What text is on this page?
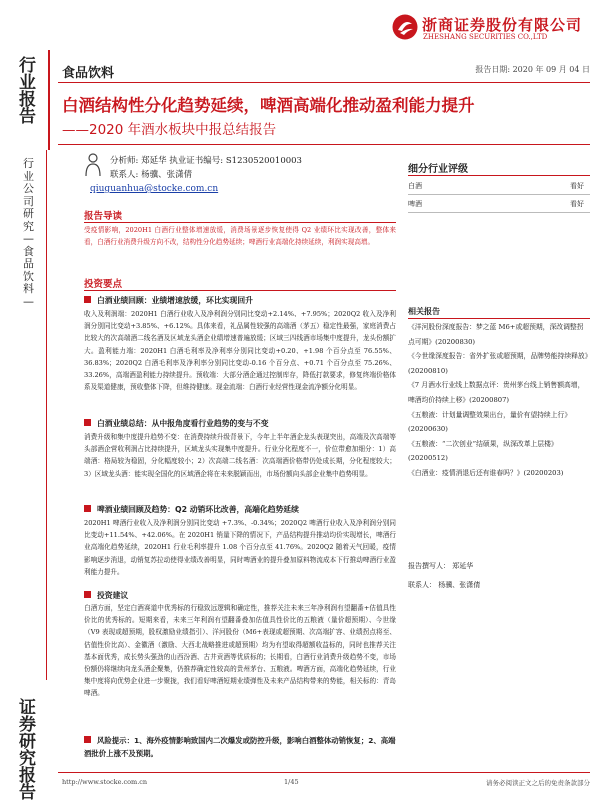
行业报告
行业公司研究—食品饮料—
证券研究报告
浙商证券股份有限公司
ZHESHANG SECURITIES CO.,LTD
食品饮料	报告日期: 2020 年 09 月 04 日
白酒结构性分化趋势延续，啤酒高端化推动盈利能力提升
——2020 年酒水板块中报总结报告
分析师: 郑延华 执业证书编号: S1230520010003
联系人: 杨骥、张潇倩
qiuguanhua@stocke.com.cn
报告导读
受疫情影响，2020H1 白酒行业整体增速放缓，消费场景逐步恢复使得 Q2 业绩环比实现改善，整体来看，白酒行业消费升级方向不改，结构性分化趋势延续；啤酒行业高端化持续延续，利润实现高增。
投资要点
白酒业绩回顾：业绩增速放缓，环比实现回升
收入及利润端：2020H1 白酒行业收入及净利润分别同比变动+2.14%、+7.95%；2020Q2 收入及净利润分别同比变动+3.85%、+6.12%。具体来看，礼品属性较强的高端酒（茅五）稳定性最强，家庭消费占比较大的次高端酒二线名酒及区域龙头酒企业绩增速普遍放缓；区域三四线酒市场集中度提升，龙头份额扩大。盈利能力端：2020H1 白酒毛利率及净利率分别同比变动+0.20、+1.98 个百分点至 76.55%、36.83%；2020Q2 白酒毛利率及净利率分别同比变动-0.16 个百分点、+0.71 个百分点至 75.26%、33.26%，高端酒盈利能力持续提升。预收端：大部分酒企通过控制库存，降低打款要求，修复终端价格体系及渠道健康，预收整体下降，但维持健康。现金流端：白酒行业经营性现金流净额分化明显。
白酒业绩总结：从中报角度看行业趋势的变与不变
消费升级和集中度提升趋势不变：在消费持续升级背景下，今年上半年酒企龙头表现突出，高端及次高端等头部酒企营收利润占比持续提升，区域龙头实现集中度提升。行业分化程度不一，价位带愈加细分：1）高端酒：格局较为稳固，分化幅度较小；2）次高端二线名酒：次高端酒价格带仍处成长期，分化程度较大；3）区域龙头酒：能实现全国化的区域酒企将在未来脱颖而出，市场份额向头部企业集中趋势明显。
啤酒业绩回顾及趋势：Q2 动销环比改善，高端化趋势延续
2020H1 啤酒行业收入及净利润分别同比变动 +7.3%、-0.34%；2020Q2 啤酒行业收入及净利润分别同比变动+11.54%、+42.06%。在 2020H1 销量下降的情况下，产品结构提升推动均价实现增长，啤酒行业高端化趋势延续，2020H1 行业毛利率提升 1.08 个百分点至 41.76%。2020Q2 随着天气回暖，疫情影响逐步消退，动销复苏拉动使得业绩改善明显，同时啤酒业的提升叠加原料物流成本下行推动啤酒行业盈利能力提升。
投资建议
白酒方面，坚定白酒赛道中优秀标的行稳致远逻辑和确定性，推荐关注未来三年净利润有望翻番+估值具性价比的优秀标的。短期来看，未来三年利润有望翻番叠加估值具性价比的五粮液（量价超预期）、今世缘（V9 表现或超预期，股权激励业绩指引）、洋河股份（M6+表现或超预期、次高端扩容、业绩拐点将至、估值性价比高）、金徽酒（激励、大西北战略推进或超预期）均为有望取得超额收益标的，同时也推荐关注基本面优秀，成长势头强劲的山西汾酒、古井贡酒等优质标的；长期看，白酒行业消费升级趋势不变，市场份额仍将继续向龙头酒企聚集，仍推荐确定性较高的贵州茅台、五粮液。啤酒方面，高端化趋势延续，行业集中度将向优势企业进一步聚拢，我们看好啤酒短期业绩弹性及未来产品结构带来的势能，相关标的：青岛啤酒。
风险提示：1、海外疫情影响致国内二次爆发或防控升级，影响白酒整体动销恢复；2、高端酒批价上涨不及预期。
细分行业评级
白酒	看好
啤酒	看好
相关报告
《洋河股份深度报告：梦之蓝 M6+或超预期，深改调整拐点可期》(20200830)
《今世缘深度报告：省外扩张或超预期，品牌势能持续释放》(20200810)
《7 月酒水行业线上数据点评：贵州茅台线上销售额高增，啤酒均价持续上移》(20200807)
《五粮液：计划量调整效果出台，量价有望持续上行》(20200630)
《五粮液：“二次创业”结硕果，纵深改革上层楼》(20200512)
《白酒业：疫情消退后还有谁春吗？》(20200203)
报告撰写人： 郑延华
联系人： 杨骥、张潇倩
http://www.stocke.com.cn	1/45	请务必阅读正文之后的免责条款部分
